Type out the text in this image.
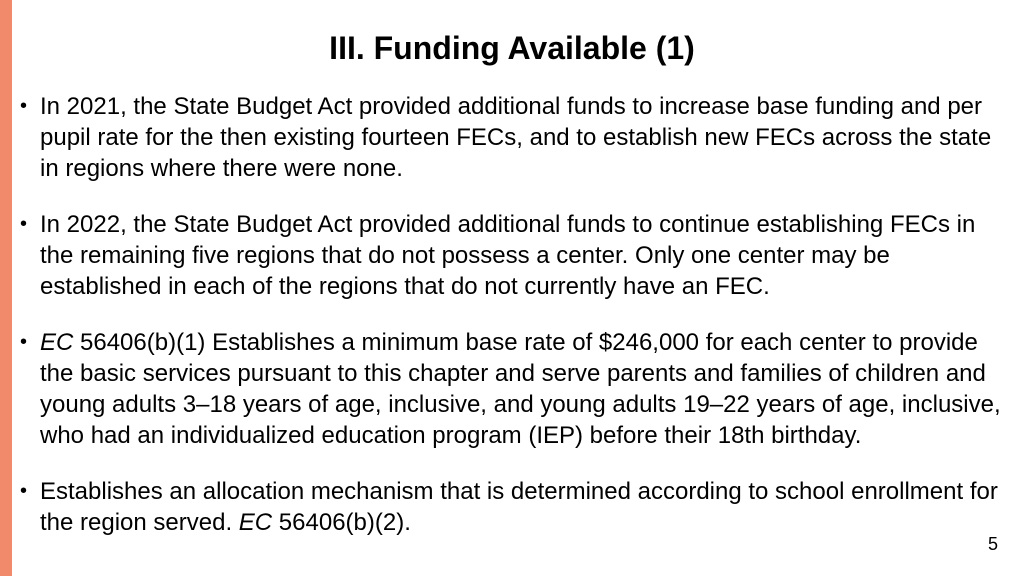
III. Funding Available (1)
• In 2021, the State Budget Act provided additional funds to increase base funding and per pupil rate for the then existing fourteen FECs, and to establish new FECs across the state in regions where there were none.
• In 2022, the State Budget Act provided additional funds to continue establishing FECs in the remaining five regions that do not possess a center. Only one center may be established in each of the regions that do not currently have an FEC.
• EC 56406(b)(1) Establishes a minimum base rate of $246,000 for each center to provide the basic services pursuant to this chapter and serve parents and families of children and young adults 3–18 years of age, inclusive, and young adults 19–22 years of age, inclusive, who had an individualized education program (IEP) before their 18th birthday.
• Establishes an allocation mechanism that is determined according to school enrollment for the region served. EC 56406(b)(2).
5
